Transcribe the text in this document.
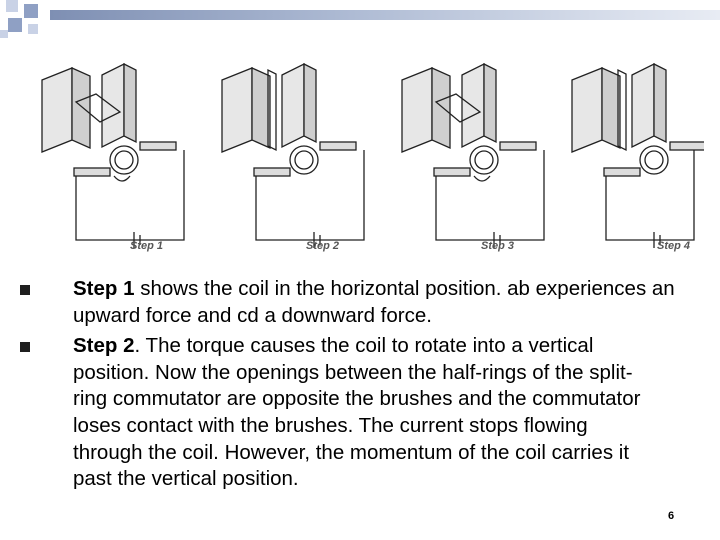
Step 1	Step 2	Step 3	Step 4
Step 1 shows the coil in the horizontal position. ab experiences an upward force and cd a downward force.
Step 2. The torque causes the coil to rotate into a vertical position. Now the openings between the half-rings of the split-ring commutator are opposite the brushes and the commutator loses contact with the brushes. The current stops flowing through the coil. However, the momentum of the coil carries it past the vertical position.
6
